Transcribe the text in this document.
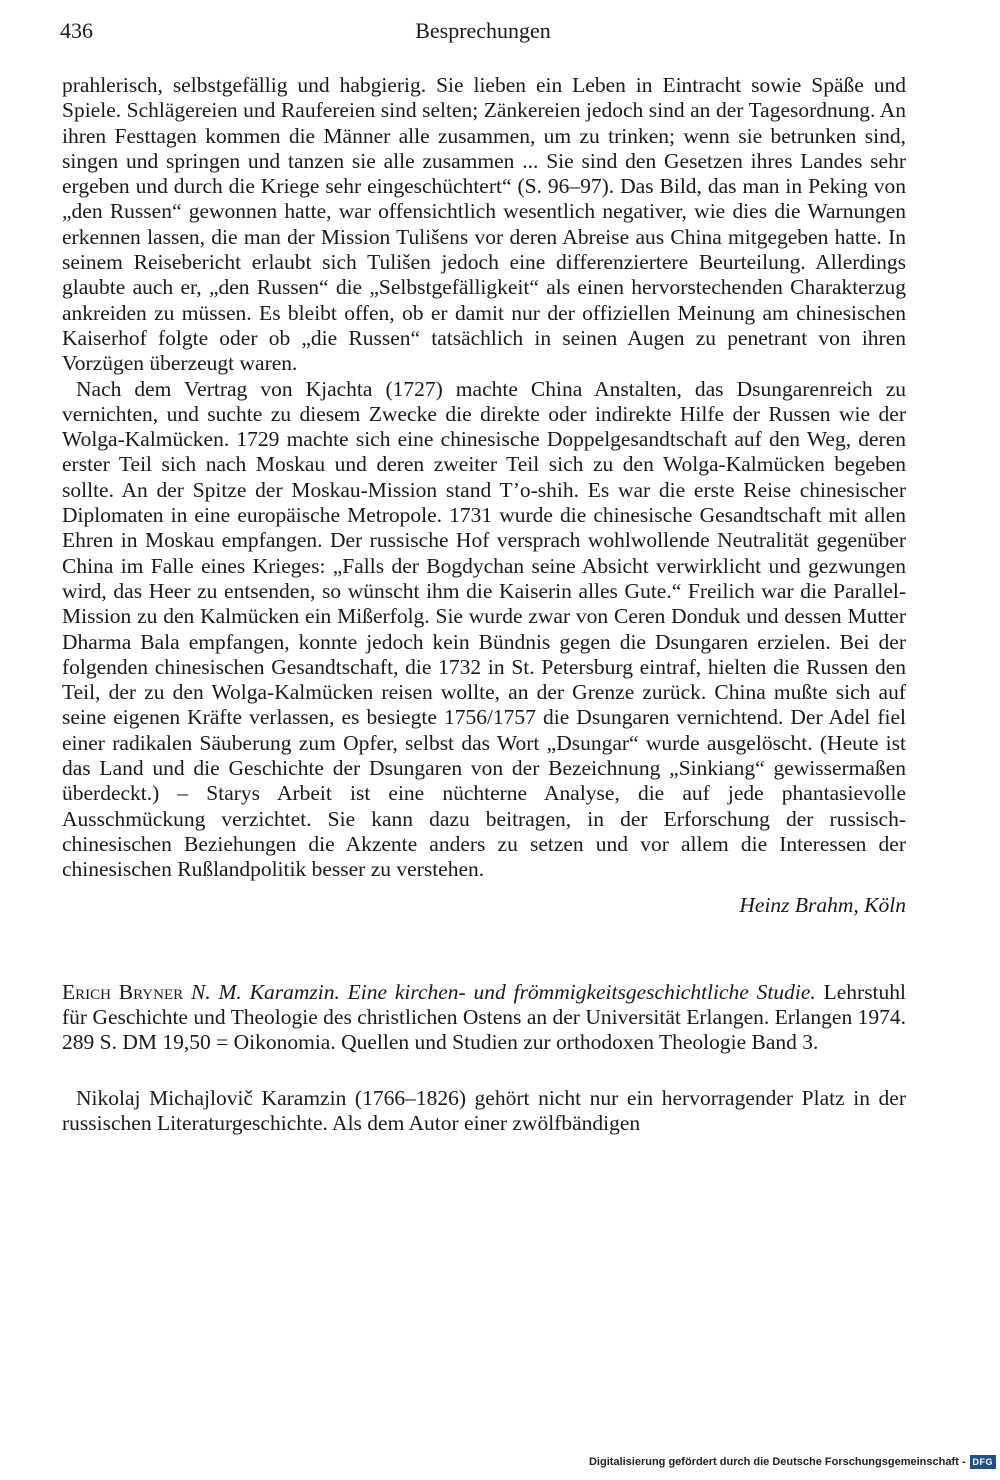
436	Besprechungen

prahlerisch, selbstgefällig und habgierig. Sie lieben ein Leben in Eintracht sowie Späße und Spiele. Schlägereien und Raufereien sind selten; Zänkereien jedoch sind an der Tagesordnung. An ihren Festtagen kommen die Männer alle zusammen, um zu trinken; wenn sie betrunken sind, singen und springen und tanzen sie alle zusammen ... Sie sind den Gesetzen ihres Landes sehr ergeben und durch die Kriege sehr eingeschüchtert“ (S. 96–97). Das Bild, das man in Peking von „den Russen“ gewonnen hatte, war offensichtlich wesentlich negativer, wie dies die Warnungen erkennen lassen, die man der Mission Tulišens vor deren Abreise aus China mitgegeben hatte. In seinem Reisebericht erlaubt sich Tulišen jedoch eine differenziertere Beurteilung. Allerdings glaubte auch er, „den Russen“ die „Selbstgefälligkeit“ als einen hervorstechenden Charakterzug ankreiden zu müssen. Es bleibt offen, ob er damit nur der offiziellen Meinung am chinesischen Kaiserhof folgte oder ob „die Russen“ tatsächlich in seinen Augen zu penetrant von ihren Vorzügen überzeugt waren.

Nach dem Vertrag von Kjachta (1727) machte China Anstalten, das Dsungarenreich zu vernichten, und suchte zu diesem Zwecke die direkte oder indirekte Hilfe der Russen wie der Wolga-Kalmücken. 1729 machte sich eine chinesische Doppelgesandtschaft auf den Weg, deren erster Teil sich nach Moskau und deren zweiter Teil sich zu den Wolga-Kalmücken begeben sollte. An der Spitze der Moskau-Mission stand T’o-shih. Es war die erste Reise chinesischer Diplomaten in eine europäische Metropole. 1731 wurde die chinesische Gesandtschaft mit allen Ehren in Moskau empfangen. Der russische Hof versprach wohlwollende Neutralität gegenüber China im Falle eines Krieges: „Falls der Bogdychan seine Absicht verwirklicht und gezwungen wird, das Heer zu entsenden, so wünscht ihm die Kaiserin alles Gute.“ Freilich war die Parallel-Mission zu den Kalmücken ein Mißerfolg. Sie wurde zwar von Ceren Donduk und dessen Mutter Dharma Bala empfangen, konnte jedoch kein Bündnis gegen die Dsungaren erzielen. Bei der folgenden chinesischen Gesandtschaft, die 1732 in St. Petersburg eintraf, hielten die Russen den Teil, der zu den Wolga-Kalmücken reisen wollte, an der Grenze zurück. China mußte sich auf seine eigenen Kräfte verlassen, es besiegte 1756/1757 die Dsungaren vernichtend. Der Adel fiel einer radikalen Säuberung zum Opfer, selbst das Wort „Dsungar“ wurde ausgelöscht. (Heute ist das Land und die Geschichte der Dsungaren von der Bezeichnung „Sinkiang“ gewissermaßen überdeckt.) – Starys Arbeit ist eine nüchterne Analyse, die auf jede phantasievolle Ausschmückung verzichtet. Sie kann dazu beitragen, in der Erforschung der russisch-chinesischen Beziehungen die Akzente anders zu setzen und vor allem die Interessen der chinesischen Rußlandpolitik besser zu verstehen.

Heinz Brahm, Köln

Erich Bryner N. M. Karamzin. Eine kirchen- und frömmigkeitsgeschichtliche Studie. Lehrstuhl für Geschichte und Theologie des christlichen Ostens an der Universität Erlangen. Erlangen 1974. 289 S. DM 19,50 = Oikonomia. Quellen und Studien zur orthodoxen Theologie Band 3.

Nikolaj Michajlovič Karamzin (1766–1826) gehört nicht nur ein hervorragender Platz in der russischen Literaturgeschichte. Als dem Autor einer zwölfbändigen

Digitalisierung gefördert durch die Deutsche Forschungsgemeinschaft - DFG
